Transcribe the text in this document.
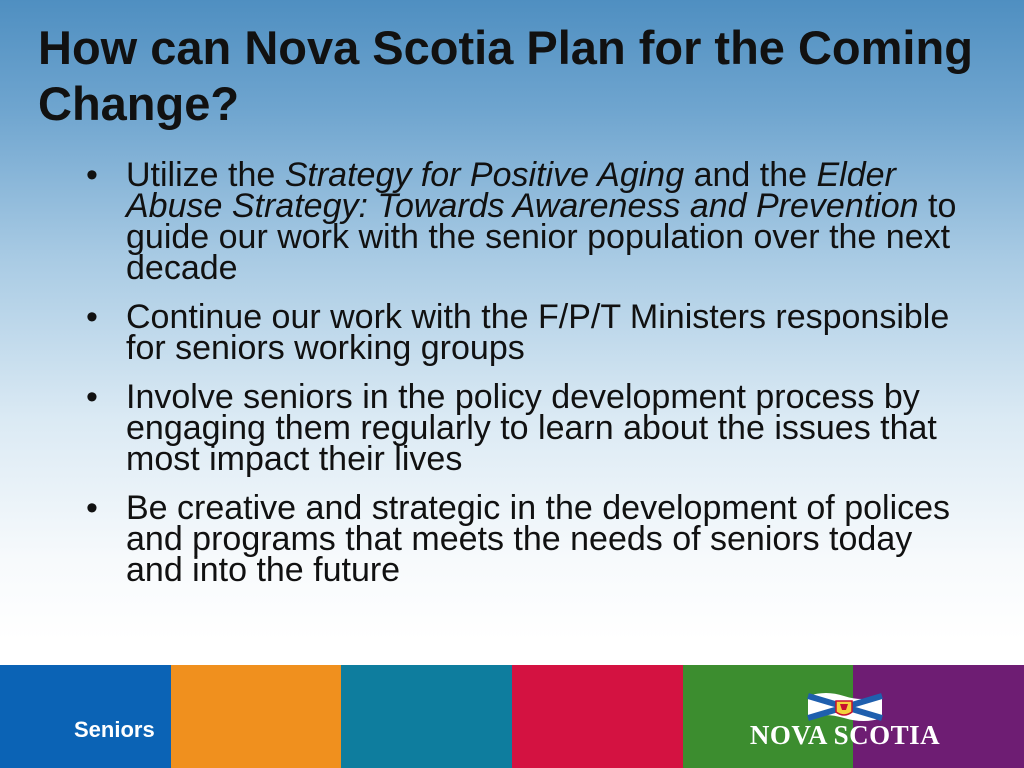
How can Nova Scotia Plan for the Coming Change?
• Utilize the Strategy for Positive Aging and the Elder Abuse Strategy: Towards Awareness and Prevention to guide our work with the senior population over the next decade
• Continue our work with the F/P/T Ministers responsible for seniors working groups
• Involve seniors in the policy development process by engaging them regularly to learn about the issues that most impact their lives
• Be creative and strategic in the development of polices and programs that meets the needs of seniors today and into the future
Seniors	NOVA SCOTIA
